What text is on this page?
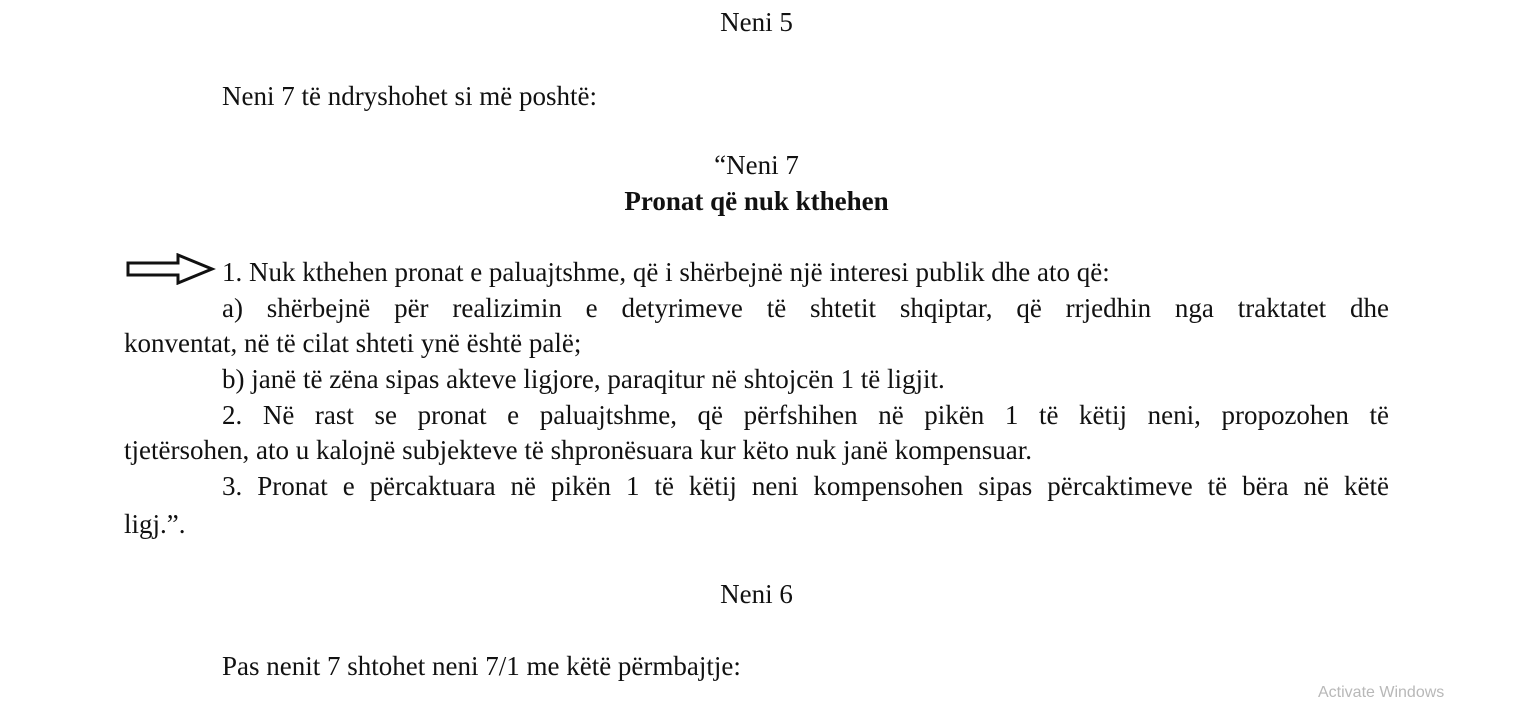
Neni 5
Neni 7 të ndryshohet si më poshtë:
“Neni 7
Pronat që nuk kthehen
1. Nuk kthehen pronat e paluajtshme, që i shërbejnë një interesi publik dhe ato që:
a) shërbejnë për realizimin e detyrimeve të shtetit shqiptar, që rrjedhin nga traktatet dhe
konventat, në të cilat shteti ynë është palë;
b) janë të zëna sipas akteve ligjore, paraqitur në shtojcën 1 të ligjit.
2. Në rast se pronat e paluajtshme, që përfshihen në pikën 1 të këtij neni, propozohen të
tjetërsohen, ato u kalojnë subjekteve të shpronësuara kur këto nuk janë kompensuar.
3. Pronat e përcaktuara në pikën 1 të këtij neni kompensohen sipas përcaktimeve të bëra në këtë
ligj.”.
Neni 6
Pas nenit 7 shtohet neni 7/1 me këtë përmbajtje:
Activate Windows
